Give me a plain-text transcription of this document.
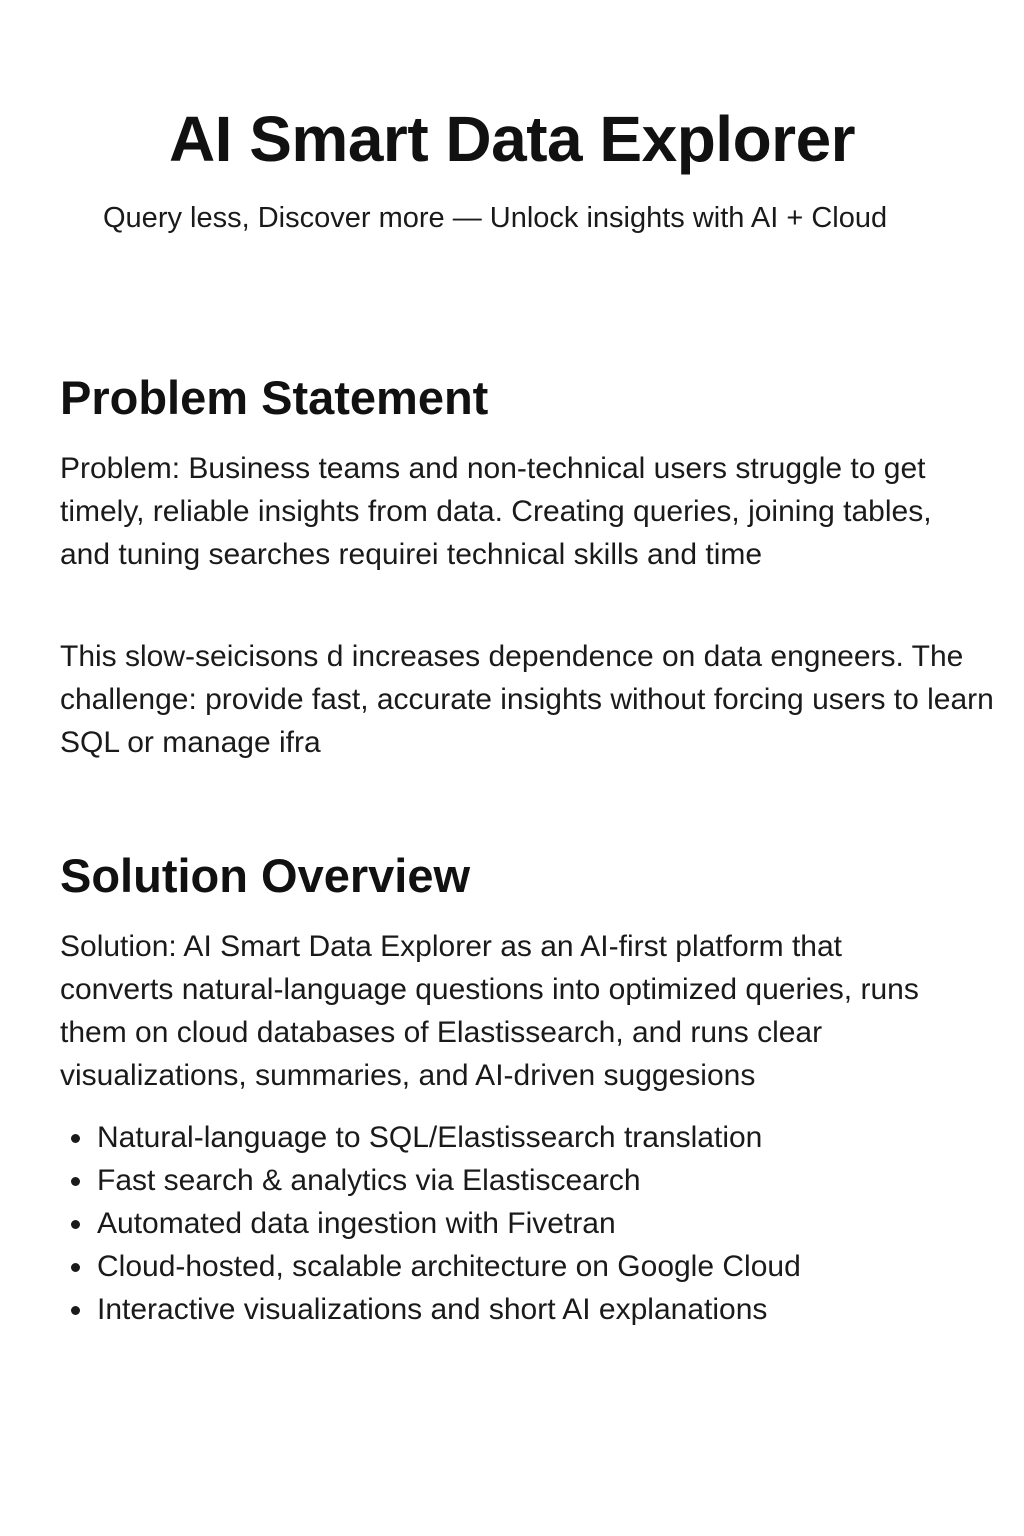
AI Smart Data Explorer

Query less, Discover more — Unlock insights with AI + Cloud

Problem Statement

Problem: Business teams and non-technical users struggle to get timely, reliable insights from data. Creating queries, joining tables, and tuning searches requirei technical skills and time

This slow-seicisons d increases dependence on data engneers. The challenge: provide fast, accurate insights without forcing users to learn SQL or manage ifra

Solution Overview

Solution: AI Smart Data Explorer as an AI-first platform that converts natural-language questions into optimized queries, runs them on cloud databases of Elastissearch, and runs clear visualizations, summaries, and AI-driven suggesions

Natural-language to SQL/Elastissearch translation
Fast search & analytics via Elastiscearch
Automated data ingestion with Fivetran
Cloud-hosted, scalable architecture on Google Cloud
Interactive visualizations and short AI explanations
